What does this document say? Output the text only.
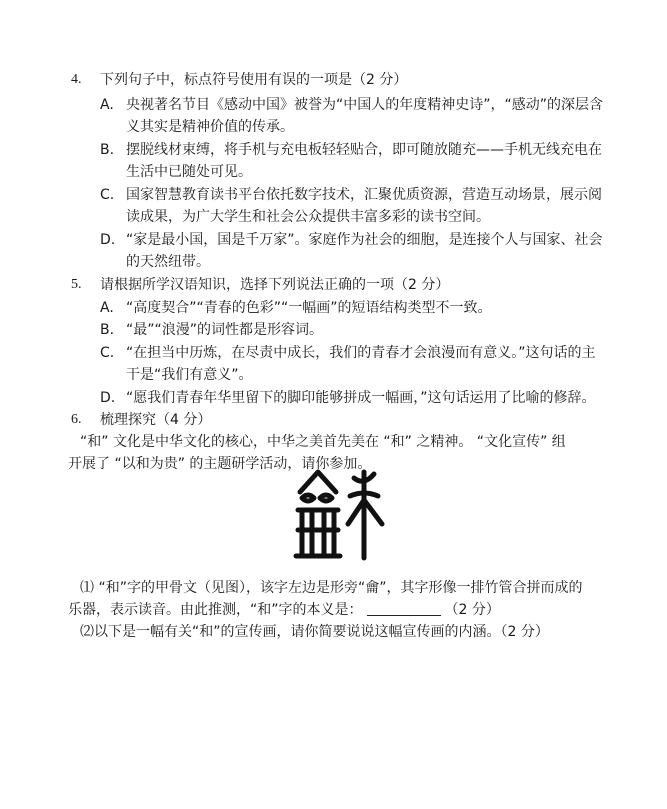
4. 下列句子中，标点符号使用有误的一项是（2 分）
A. 央视著名节目《感动中国》被誉为“中国人的年度精神史诗”，“感动”的深层含
义其实是精神价值的传承。
B. 摆脱线材束缚，将手机与充电板轻轻贴合，即可随放随充——手机无线充电在
生活中已随处可见。
C. 国家智慧教育读书平台依托数字技术，汇聚优质资源，营造互动场景，展示阅
读成果，为广大学生和社会公众提供丰富多彩的读书空间。
D. “家是最小国，国是千万家”。家庭作为社会的细胞，是连接个人与国家、社会
的天然纽带。
5. 请根据所学汉语知识，选择下列说法正确的一项（2 分）
A. “高度契合”“青春的色彩”“一幅画”的短语结构类型不一致。
B. “最”“浪漫”的词性都是形容词。
C. “在担当中历炼，在尽责中成长，我们的青春才会浪漫而有意义。”这句话的主
干是“我们有意义”。
D. “愿我们青春年华里留下的脚印能够拼成一幅画，”这句话运用了比喻的修辞。
6. 梳理探究（4 分）
“和” 文化是中华文化的核心，中华之美首先美在 “和” 之精神。 “文化宣传” 组
开展了 “以和为贵” 的主题研学活动，请你参加。
⑴ “和”字的甲骨文（见图），该字左边是形旁“龠”，其字形像一排竹管合拼而成的
乐器，表示读音。由此推测，“和”字的本义是：	（2 分）
⑵以下是一幅有关“和”的宣传画，请你简要说说这幅宣传画的内涵。（2 分）
